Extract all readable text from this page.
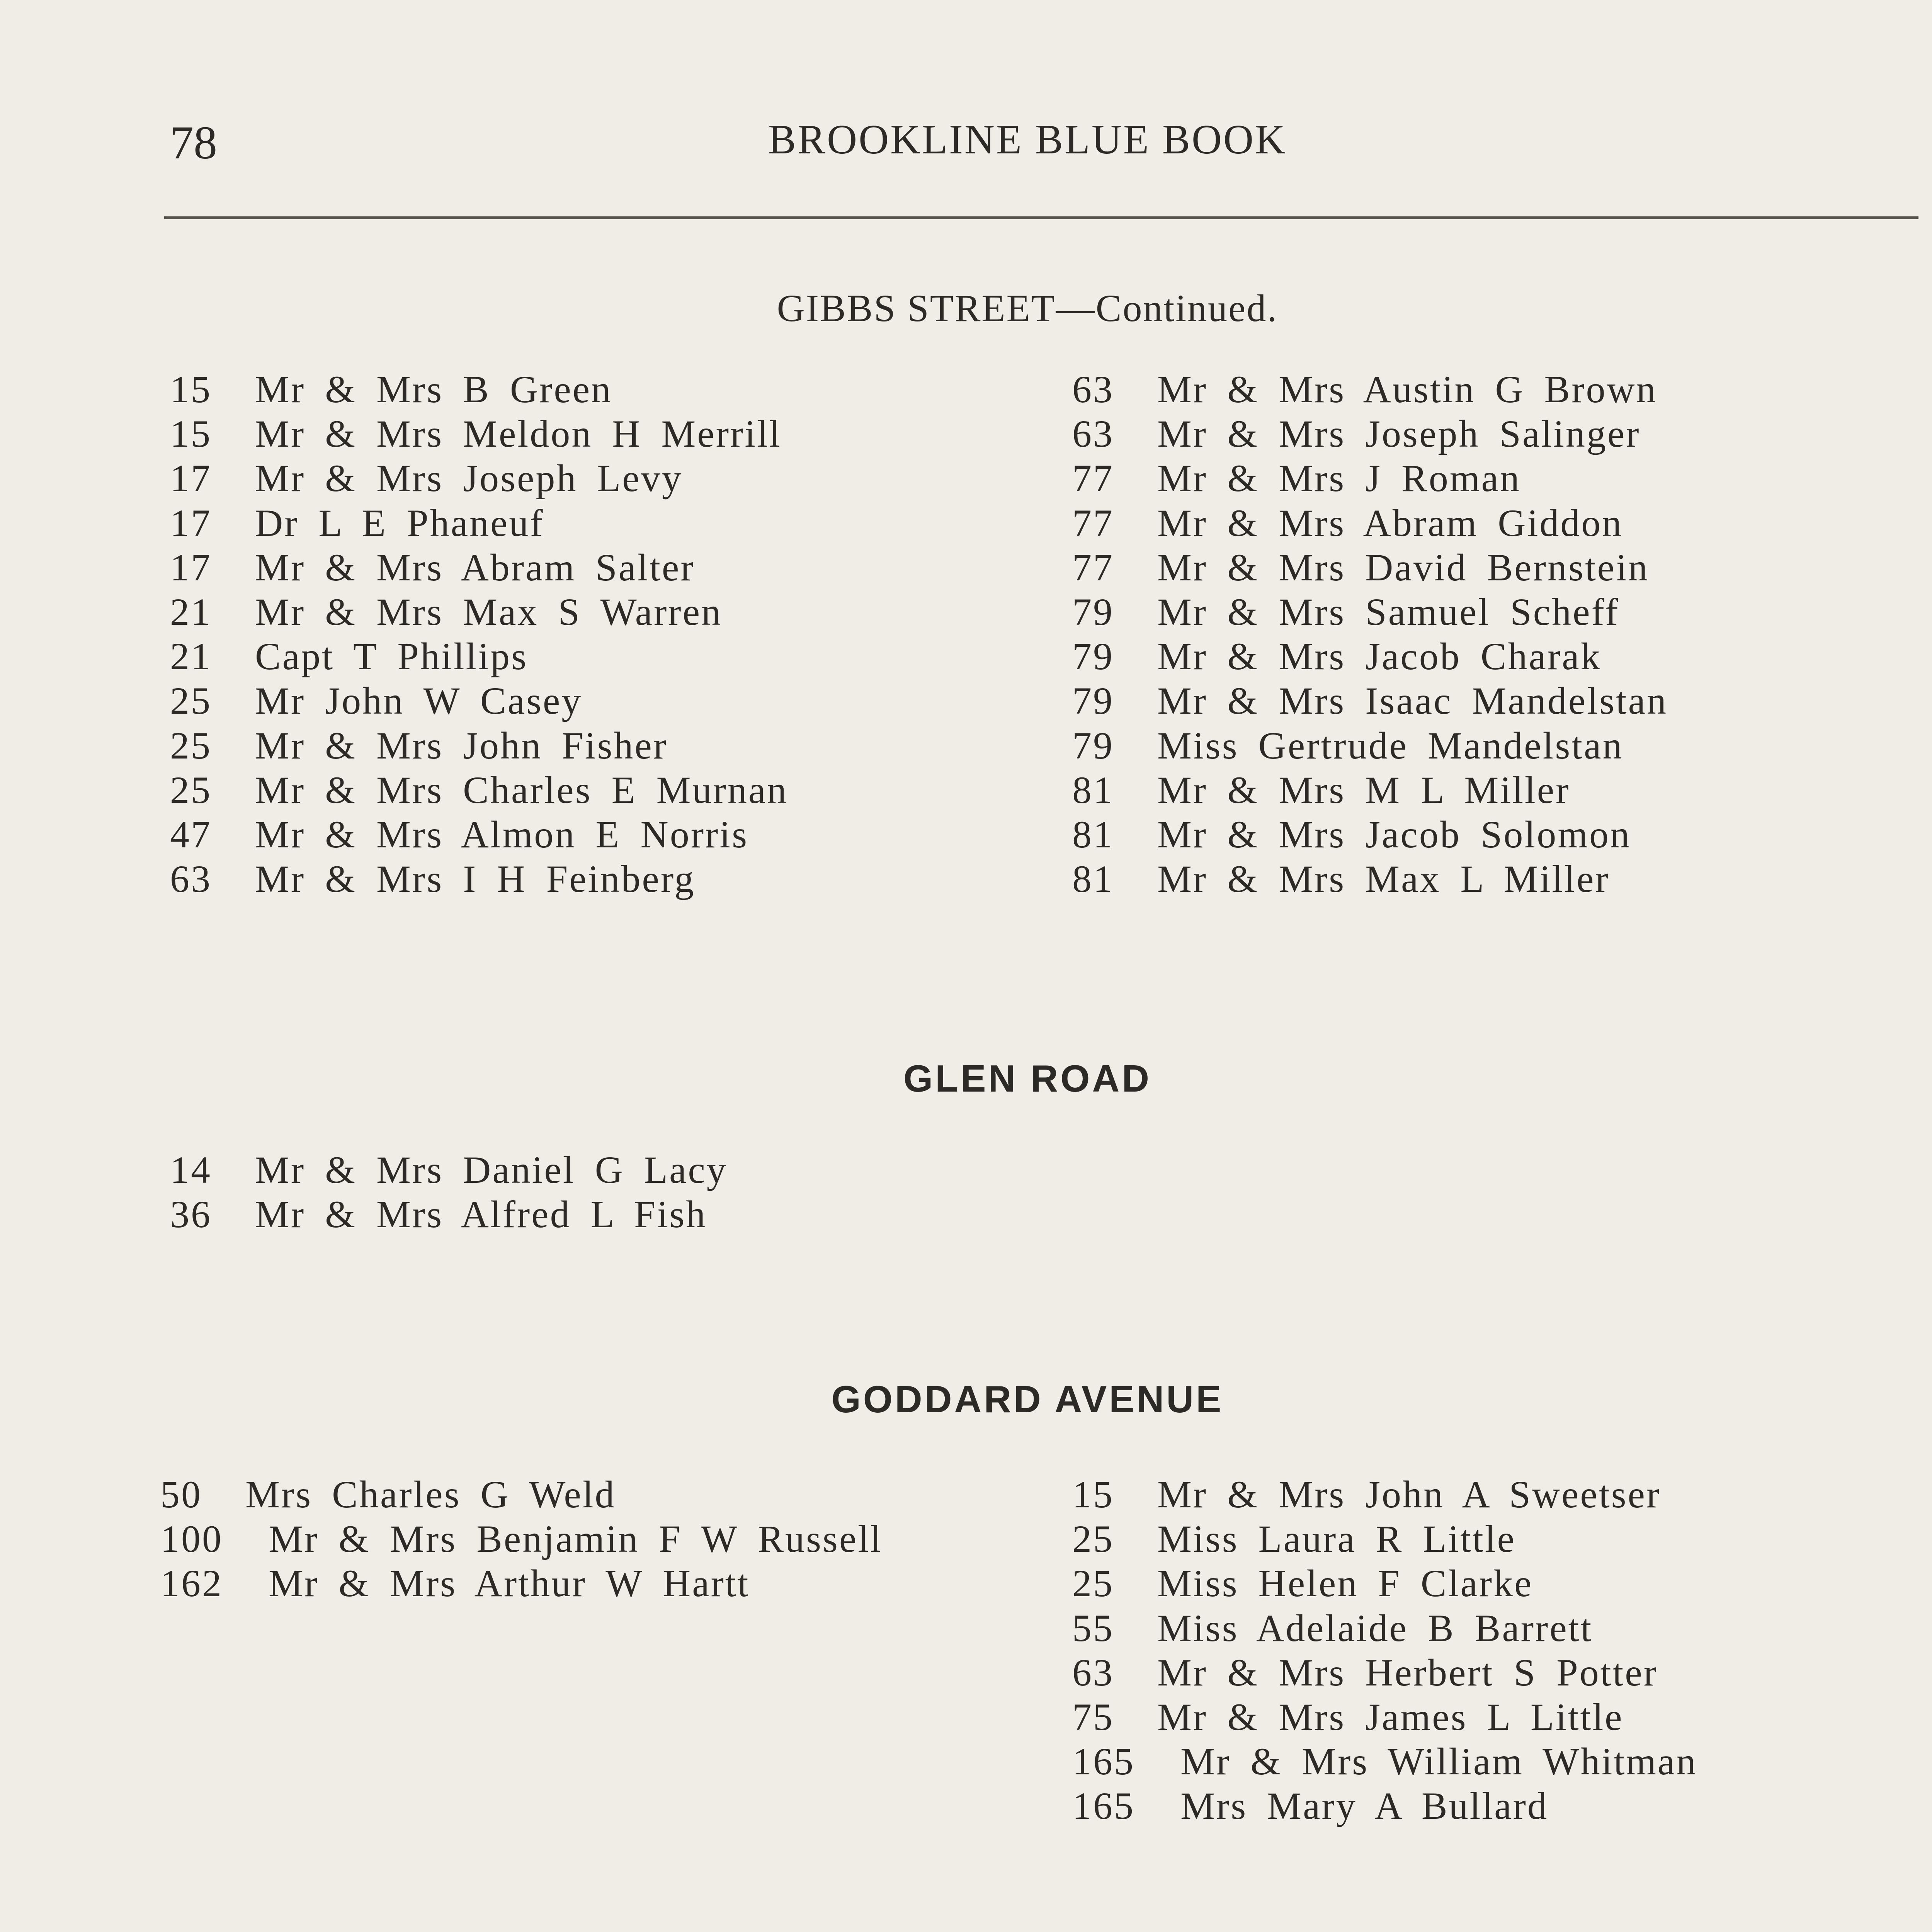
78	BROOKLINE BLUE BOOK
GIBBS STREET—Continued.
15 Mr & Mrs B Green
15 Mr & Mrs Meldon H Merrill
17 Mr & Mrs Joseph Levy
17 Dr L E Phaneuf
17 Mr & Mrs Abram Salter
21 Mr & Mrs Max S Warren
21 Capt T Phillips
25 Mr John W Casey
25 Mr & Mrs John Fisher
25 Mr & Mrs Charles E Murnan
47 Mr & Mrs Almon E Norris
63 Mr & Mrs I H Feinberg
63 Mr & Mrs Austin G Brown
63 Mr & Mrs Joseph Salinger
77 Mr & Mrs J Roman
77 Mr & Mrs Abram Giddon
77 Mr & Mrs David Bernstein
79 Mr & Mrs Samuel Scheff
79 Mr & Mrs Jacob Charak
79 Mr & Mrs Isaac Mandelstan
79 Miss Gertrude Mandelstan
81 Mr & Mrs M L Miller
81 Mr & Mrs Jacob Solomon
81 Mr & Mrs Max L Miller
GLEN ROAD
14 Mr & Mrs Daniel G Lacy
36 Mr & Mrs Alfred L Fish
GODDARD AVENUE
50 Mrs Charles G Weld
100 Mr & Mrs Benjamin F W Russell
162 Mr & Mrs Arthur W Hartt
15 Mr & Mrs John A Sweetser
25 Miss Laura R Little
25 Miss Helen F Clarke
55 Miss Adelaide B Barrett
63 Mr & Mrs Herbert S Potter
75 Mr & Mrs James L Little
165 Mr & Mrs William Whitman
165 Mrs Mary A Bullard
